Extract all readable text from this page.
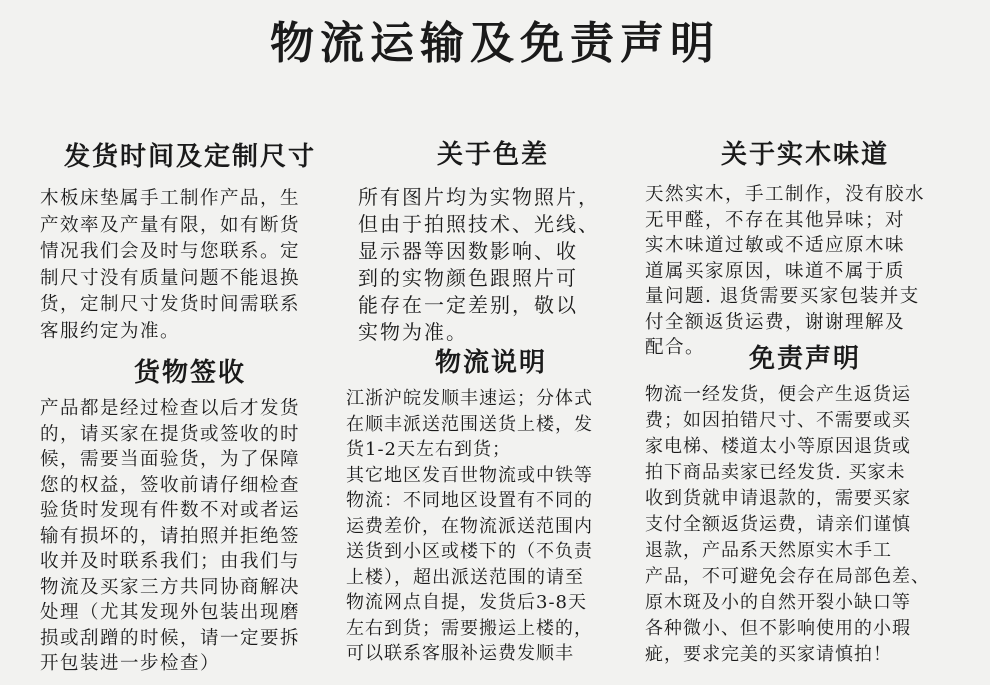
物流运输及免责声明
发货时间及定制尺寸
木板床垫属手工制作产品，生
产效率及产量有限，如有断货
情况我们会及时与您联系。定
制尺寸没有质量问题不能退换
货，定制尺寸发货时间需联系
客服约定为准。
关于色差
所有图片均为实物照片，
但由于拍照技术、光线、
显示器等因数影响、收
到的实物颜色跟照片可
能存在一定差别，敬以
实物为准。
关于实木味道
天然实木，手工制作，没有胶水
无甲醛，不存在其他异味；对
实木味道过敏或不适应原木味
道属买家原因，味道不属于质
量问题. 退货需要买家包装并支
付全额返货运费，谢谢理解及
配合。
货物签收
产品都是经过检查以后才发货
的，请买家在提货或签收的时
候，需要当面验货，为了保障
您的权益，签收前请仔细检查
验货时发现有件数不对或者运
输有损坏的，请拍照并拒绝签
收并及时联系我们；由我们与
物流及买家三方共同协商解决
处理（尤其发现外包装出现磨
损或刮蹭的时候，请一定要拆
开包装进一步检查）
物流说明
江浙沪皖发顺丰速运；分体式
在顺丰派送范围送货上楼，发
货1-2天左右到货；
其它地区发百世物流或中铁等
物流：不同地区设置有不同的
运费差价，在物流派送范围内
送货到小区或楼下的（不负责
上楼），超出派送范围的请至
物流网点自提，发货后3-8天
左右到货；需要搬运上楼的，
可以联系客服补运费发顺丰
免责声明
物流一经发货，便会产生返货运
费；如因拍错尺寸、不需要或买
家电梯、楼道太小等原因退货或
拍下商品卖家已经发货. 买家未
收到货就申请退款的，需要买家
支付全额返货运费，请亲们谨慎
退款，产品系天然原实木手工
产品，不可避免会存在局部色差、
原木斑及小的自然开裂小缺口等
各种微小、但不影响使用的小瑕
疵，要求完美的买家请慎拍！
